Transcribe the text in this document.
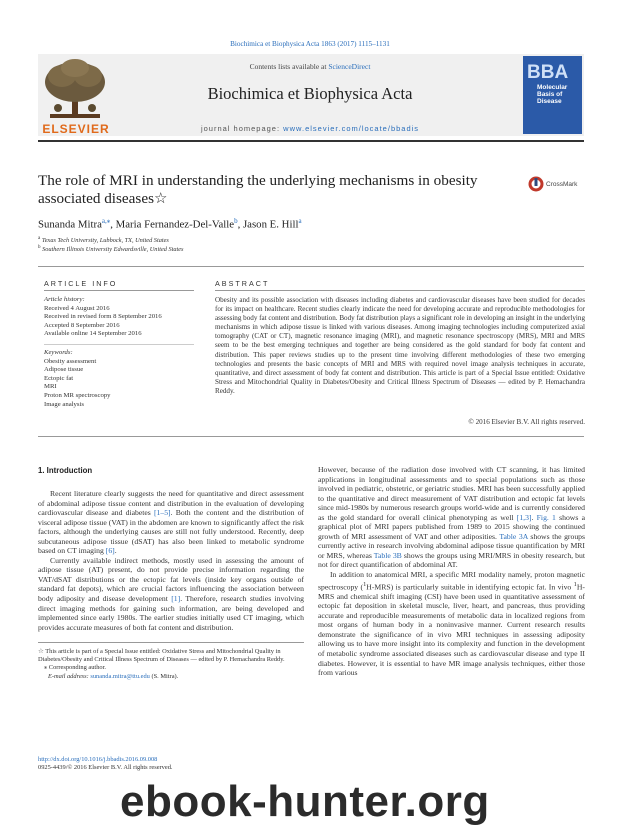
Biochimica et Biophysica Acta 1863 (2017) 1115–1131
ELSEVIER
Contents lists available at ScienceDirect
Biochimica et Biophysica Acta
journal homepage: www.elsevier.com/locate/bbadis
BBA
Molecular Basis of Disease
The role of MRI in understanding the underlying mechanisms in obesity associated diseases☆
CrossMark
Sunanda Mitra$^{a,⁎}$, Maria Fernandez-Del-Valle$^b$, Jason E. Hill$^a$
$^a$ Texas Tech University, Lubbock, TX, United States
$^b$ Southern Illinois University Edwardsville, United States
ARTICLE INFO
Article history:
Received 4 August 2016
Received in revised form 8 September 2016
Accepted 8 September 2016
Available online 14 September 2016
Keywords:
Obesity assessment
Adipose tissue
Ectopic fat
MRI
Proton MR spectroscopy
Image analysis
ABSTRACT
Obesity and its possible association with diseases including diabetes and cardiovascular diseases have been studied for decades for its impact on healthcare. Recent studies clearly indicate the need for developing accurate and reproducible methodologies for assessing body fat content and distribution. Body fat distribution plays a significant role in developing an insight in the underlying mechanisms in which adipose tissue is linked with various diseases. Among imaging technologies including computerized axial tomography (CAT or CT), magnetic resonance imaging (MRI), and magnetic resonance spectroscopy (MRS), MRI and MRS seem to be the best emerging techniques and together are being considered as the gold standard for body fat content and distribution. This paper reviews studies up to the present time involving different methodologies of these two emerging technologies and presents the basic concepts of MRI and MRS with required novel image analysis techniques in accurate, quantitative, and direct assessment of body fat content and distribution. This article is part of a Special Issue entitled: Oxidative Stress and Mitochondrial Quality in Diabetes/Obesity and Critical Illness Spectrum of Diseases — edited by P. Hemachandra Reddy.
© 2016 Elsevier B.V. All rights reserved.
1. Introduction

Recent literature clearly suggests the need for quantitative and direct assessment of abdominal adipose tissue content and distribution in the evaluation of developing cardiovascular disease and diabetes [1–5]. Both the content and the distribution of visceral adipose tissue (VAT) in the abdomen are known to significantly affect the risk factors, although the underlying causes are still not fully understood. Recently, deep subcutaneous adipose tissue (dSAT) has also been linked to metabolic syndrome based on CT imaging [6].

Currently available indirect methods, mostly used in assessing the amount of adipose tissue (AT) present, do not provide precise information regarding the VAT/dSAT distributions or the ectopic fat levels (inside key organs outside of standard fat depots), which are crucial factors influencing the association between body adiposity and disease development [1]. Therefore, research studies involving direct imaging methods for gaining such information, are being developed and implemented since early 1980s. The earlier studies initially used CT imaging, which provides accurate measures of both fat content and distribution.

However, because of the radiation dose involved with CT scanning, it has limited applications in longitudinal assessments and to special populations such as those involved in pediatric, obstetric, or geriatric studies. MRI has been successfully applied to the quantitative and direct measurement of VAT distribution and ectopic fat levels since mid-1980s by numerous research groups world-wide and is currently considered as the gold standard for overall clinical phenotyping as well [1,3]. Fig. 1 shows a graphical plot of MRI papers published from 1989 to 2015 showing the continued growth of MRI assessment of VAT and other adiposities. Table 3A shows the groups currently active in research involving abdominal adipose tissue quantification by MRI or MRS, whereas Table 3B shows the groups using MRI/MRS in obesity research, but not for direct quantification of abdominal AT.

In addition to anatomical MRI, a specific MRI modality namely, proton magnetic spectroscopy ($^1$H-MRS) is particularly suitable in identifying ectopic fat. In vivo $^1$H-MRS and chemical shift imaging (CSI) have been used in quantitative assessment of ectopic fat deposition in skeletal muscle, liver, heart, and pancreas, thus providing accurate and reproducible measurements of metabolic data in localized regions from most organs of human body in a noninvasive manner. Current research results demonstrate the significance of in vivo MRI techniques in assessing adiposity allowing us to have more insight into its complexity and function in the development of metabolic syndrome associated diseases such as cardiovascular disease and type II diabetes. However, it is essential to have MR image analysis techniques, either those from various

☆ This article is part of a Special Issue entitled: Oxidative Stress and Mitochondrial Quality in Diabetes/Obesity and Critical Illness Spectrum of Diseases — edited by P. Hemachandra Reddy.
⁎ Corresponding author.
E-mail address: sunanda.mitra@ttu.edu (S. Mitra).
http://dx.doi.org/10.1016/j.bbadis.2016.09.008
0925-4439/© 2016 Elsevier B.V. All rights reserved.
ebook-hunter.org
